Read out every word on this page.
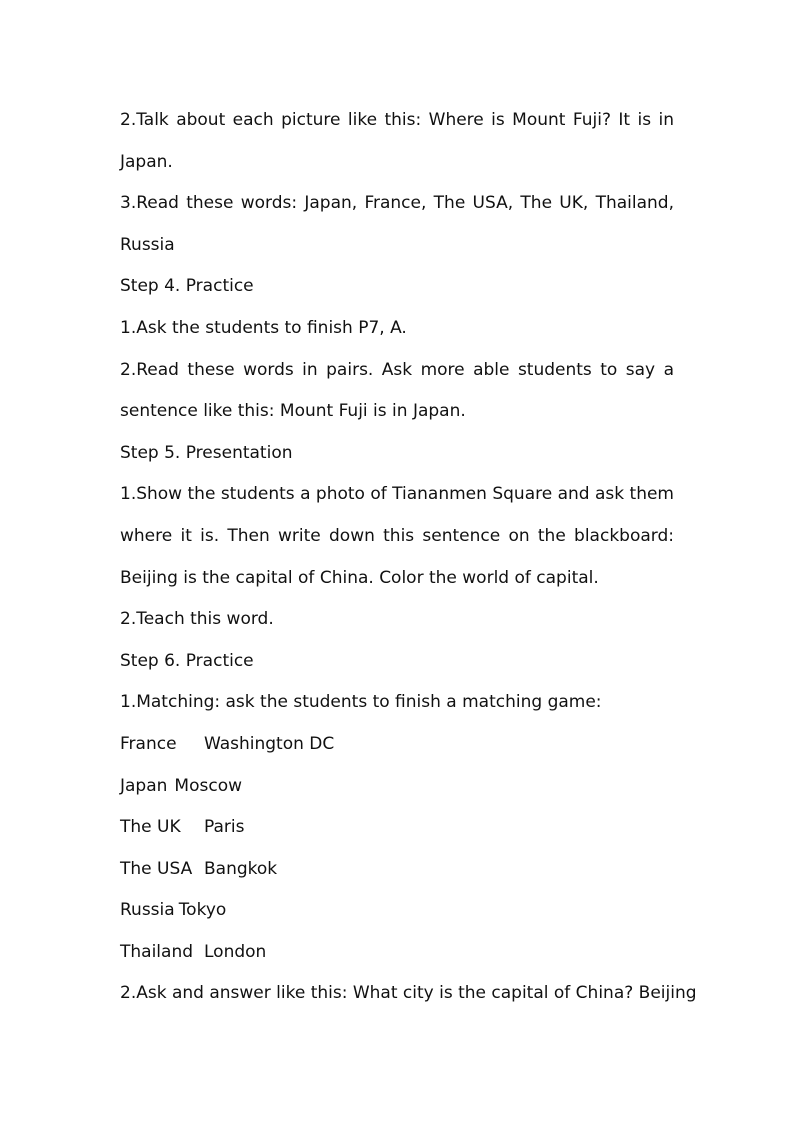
2.Talk about each picture like this: Where is Mount Fuji? It is in
Japan.
3.Read these words: Japan, France, The USA, The UK, Thailand,
Russia
Step 4. Practice
1.Ask the students to finish P7, A.
2.Read these words in pairs. Ask more able students to say a
sentence like this: Mount Fuji is in Japan.
Step 5. Presentation
1.Show the students a photo of Tiananmen Square and ask them
where it is. Then write down this sentence on the blackboard:
Beijing is the capital of China. Color the world of capital.
2.Teach this word.
Step 6. Practice
1.Matching: ask the students to finish a matching game:
France	Washington DC
Japan Moscow
The UK	Paris
The USA Bangkok
Russia Tokyo
Thailand London
2.Ask and answer like this: What city is the capital of China? Beijing
